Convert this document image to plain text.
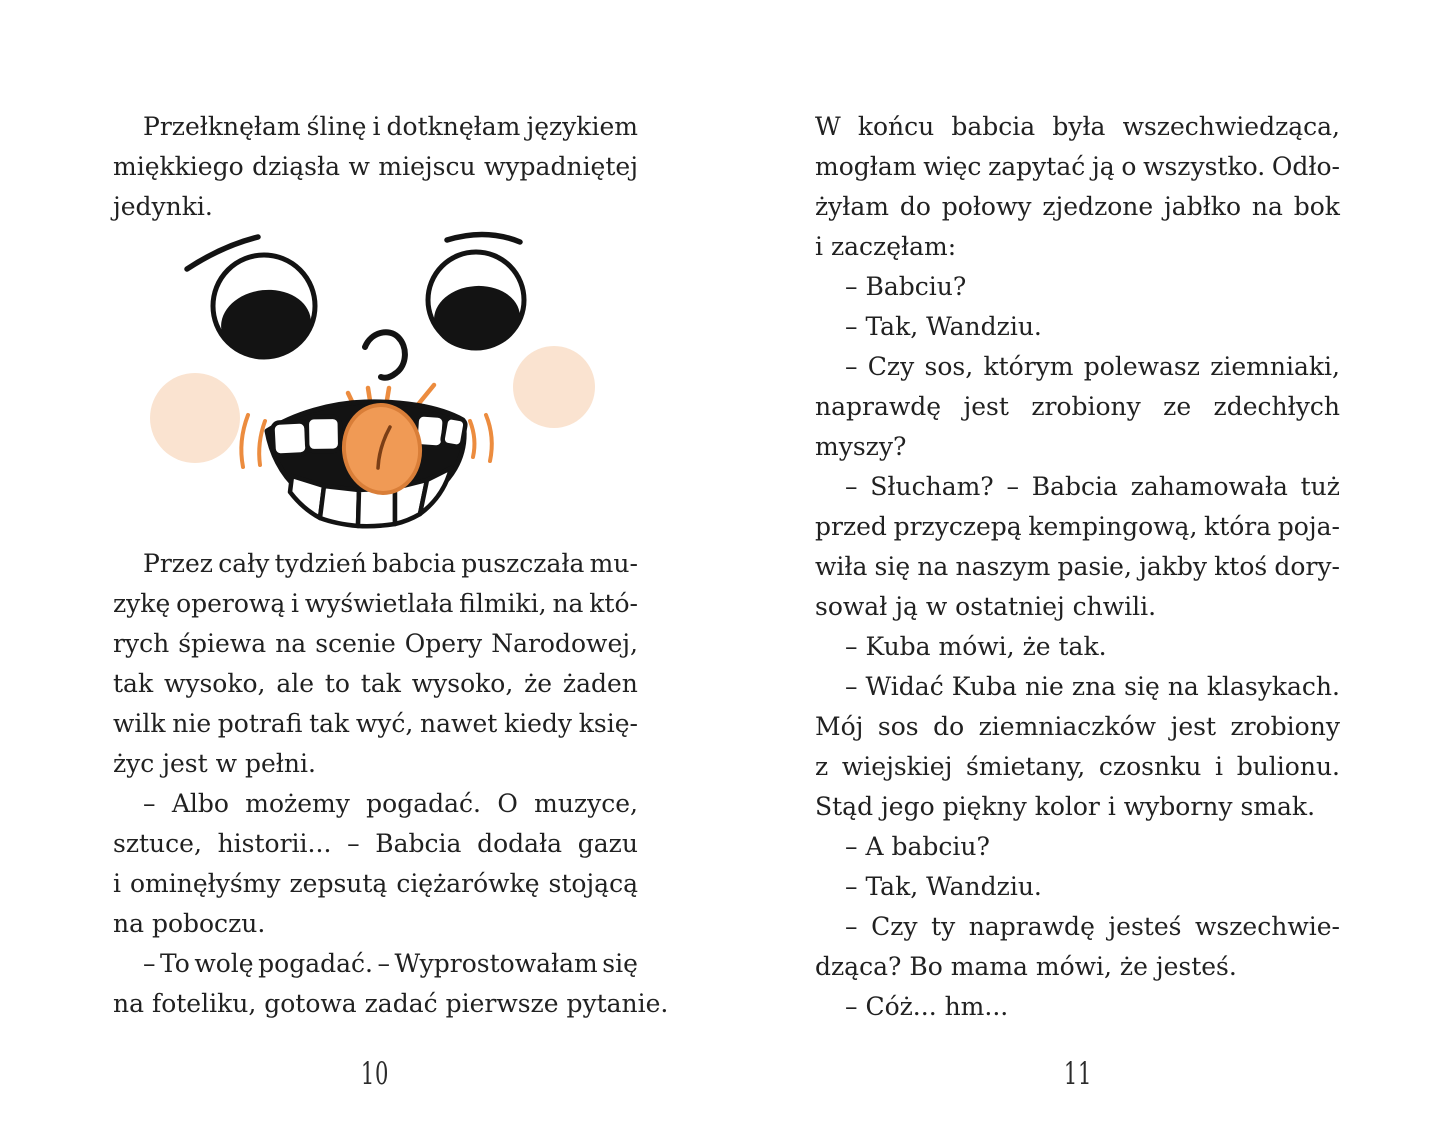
Przełknęłam ślinę i dotknęłam językiem
miękkiego dziąsła w miejscu wypadniętej
jedynki.
Przez cały tydzień babcia puszczała mu-
zykę operową i wyświetlała filmiki, na któ-
rych śpiewa na scenie Opery Narodowej,
tak wysoko, ale to tak wysoko, że żaden
wilk nie potrafi tak wyć, nawet kiedy księ-
życ jest w pełni.
– Albo możemy pogadać. O muzyce,
sztuce, historii... – Babcia dodała gazu
i ominęłyśmy zepsutą ciężarówkę stojącą
na poboczu.
– To wolę pogadać. – Wyprostowałam się
na foteliku, gotowa zadać pierwsze pytanie.
W końcu babcia była wszechwiedząca,
mogłam więc zapytać ją o wszystko. Odło-
żyłam do połowy zjedzone jabłko na bok
i zaczęłam:
– Babciu?
– Tak, Wandziu.
– Czy sos, którym polewasz ziemniaki,
naprawdę jest zrobiony ze zdechłych
myszy?
– Słucham? – Babcia zahamowała tuż
przed przyczepą kempingową, która poja-
wiła się na naszym pasie, jakby ktoś dory-
sował ją w ostatniej chwili.
– Kuba mówi, że tak.
– Widać Kuba nie zna się na klasykach.
Mój sos do ziemniaczków jest zrobiony
z wiejskiej śmietany, czosnku i bulionu.
Stąd jego piękny kolor i wyborny smak.
– A babciu?
– Tak, Wandziu.
– Czy ty naprawdę jesteś wszechwie-
dząca? Bo mama mówi, że jesteś.
– Cóż... hm...
10	11
